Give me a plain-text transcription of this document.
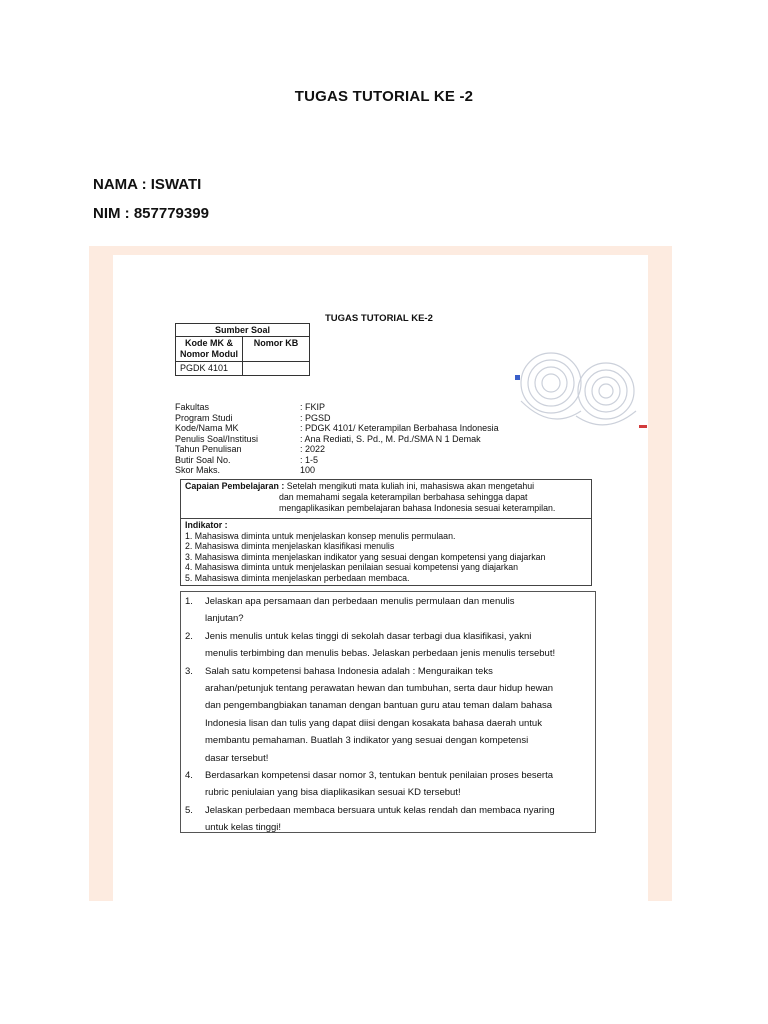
TUGAS TUTORIAL KE -2
NAMA : ISWATI
NIM : 857779399
TUGAS TUTORIAL KE-2
Sumber Soal	
Kode MK & Nomor Modul	Nomor KB
PGDK 4101	
Fakultas	: FKIP
Program Studi	: PGSD
Kode/Nama MK	: PDGK 4101/ Keterampilan Berbahasa Indonesia
Penulis Soal/Institusi	: Ana Rediati, S. Pd., M. Pd./SMA N 1 Demak
Tahun Penulisan	: 2022
Butir Soal No.	: 1-5
Skor Maks.	100
Capaian Pembelajaran : Setelah mengikuti mata kuliah ini, mahasiswa akan mengetahui
dan memahami segala keterampilan berbahasa sehingga dapat
mengaplikasikan pembelajaran bahasa Indonesia sesuai keterampilan.
Indikator :
1. Mahasiswa diminta untuk menjelaskan konsep menulis permulaan.
2. Mahasiswa diminta menjelaskan klasifikasi menulis
3. Mahasiswa diminta menjelaskan indikator yang sesuai dengan kompetensi yang diajarkan
4. Mahasiswa diminta untuk menjelaskan penilaian sesuai kompetensi yang diajarkan
5. Mahasiswa diminta menjelaskan perbedaan membaca.
1.	Jelaskan apa persamaan dan perbedaan menulis permulaan dan menulis
lanjutan?
2.	Jenis menulis untuk kelas tinggi di sekolah dasar terbagi dua klasifikasi, yakni
menulis terbimbing dan menulis bebas. Jelaskan perbedaan jenis menulis tersebut!
3.	Salah satu kompetensi bahasa Indonesia adalah : Menguraikan teks
arahan/petunjuk tentang perawatan hewan dan tumbuhan, serta daur hidup hewan
dan pengembangbiakan tanaman dengan bantuan guru atau teman dalam bahasa
Indonesia lisan dan tulis yang dapat diisi dengan kosakata bahasa daerah untuk
membantu pemahaman. Buatlah 3 indikator yang sesuai dengan kompetensi
dasar tersebut!
4.	Berdasarkan kompetensi dasar nomor 3, tentukan bentuk penilaian proses beserta
rubric peniulaian yang bisa diaplikasikan sesuai KD tersebut!
5.	Jelaskan perbedaan membaca bersuara untuk kelas rendah dan membaca nyaring
untuk kelas tinggi!
